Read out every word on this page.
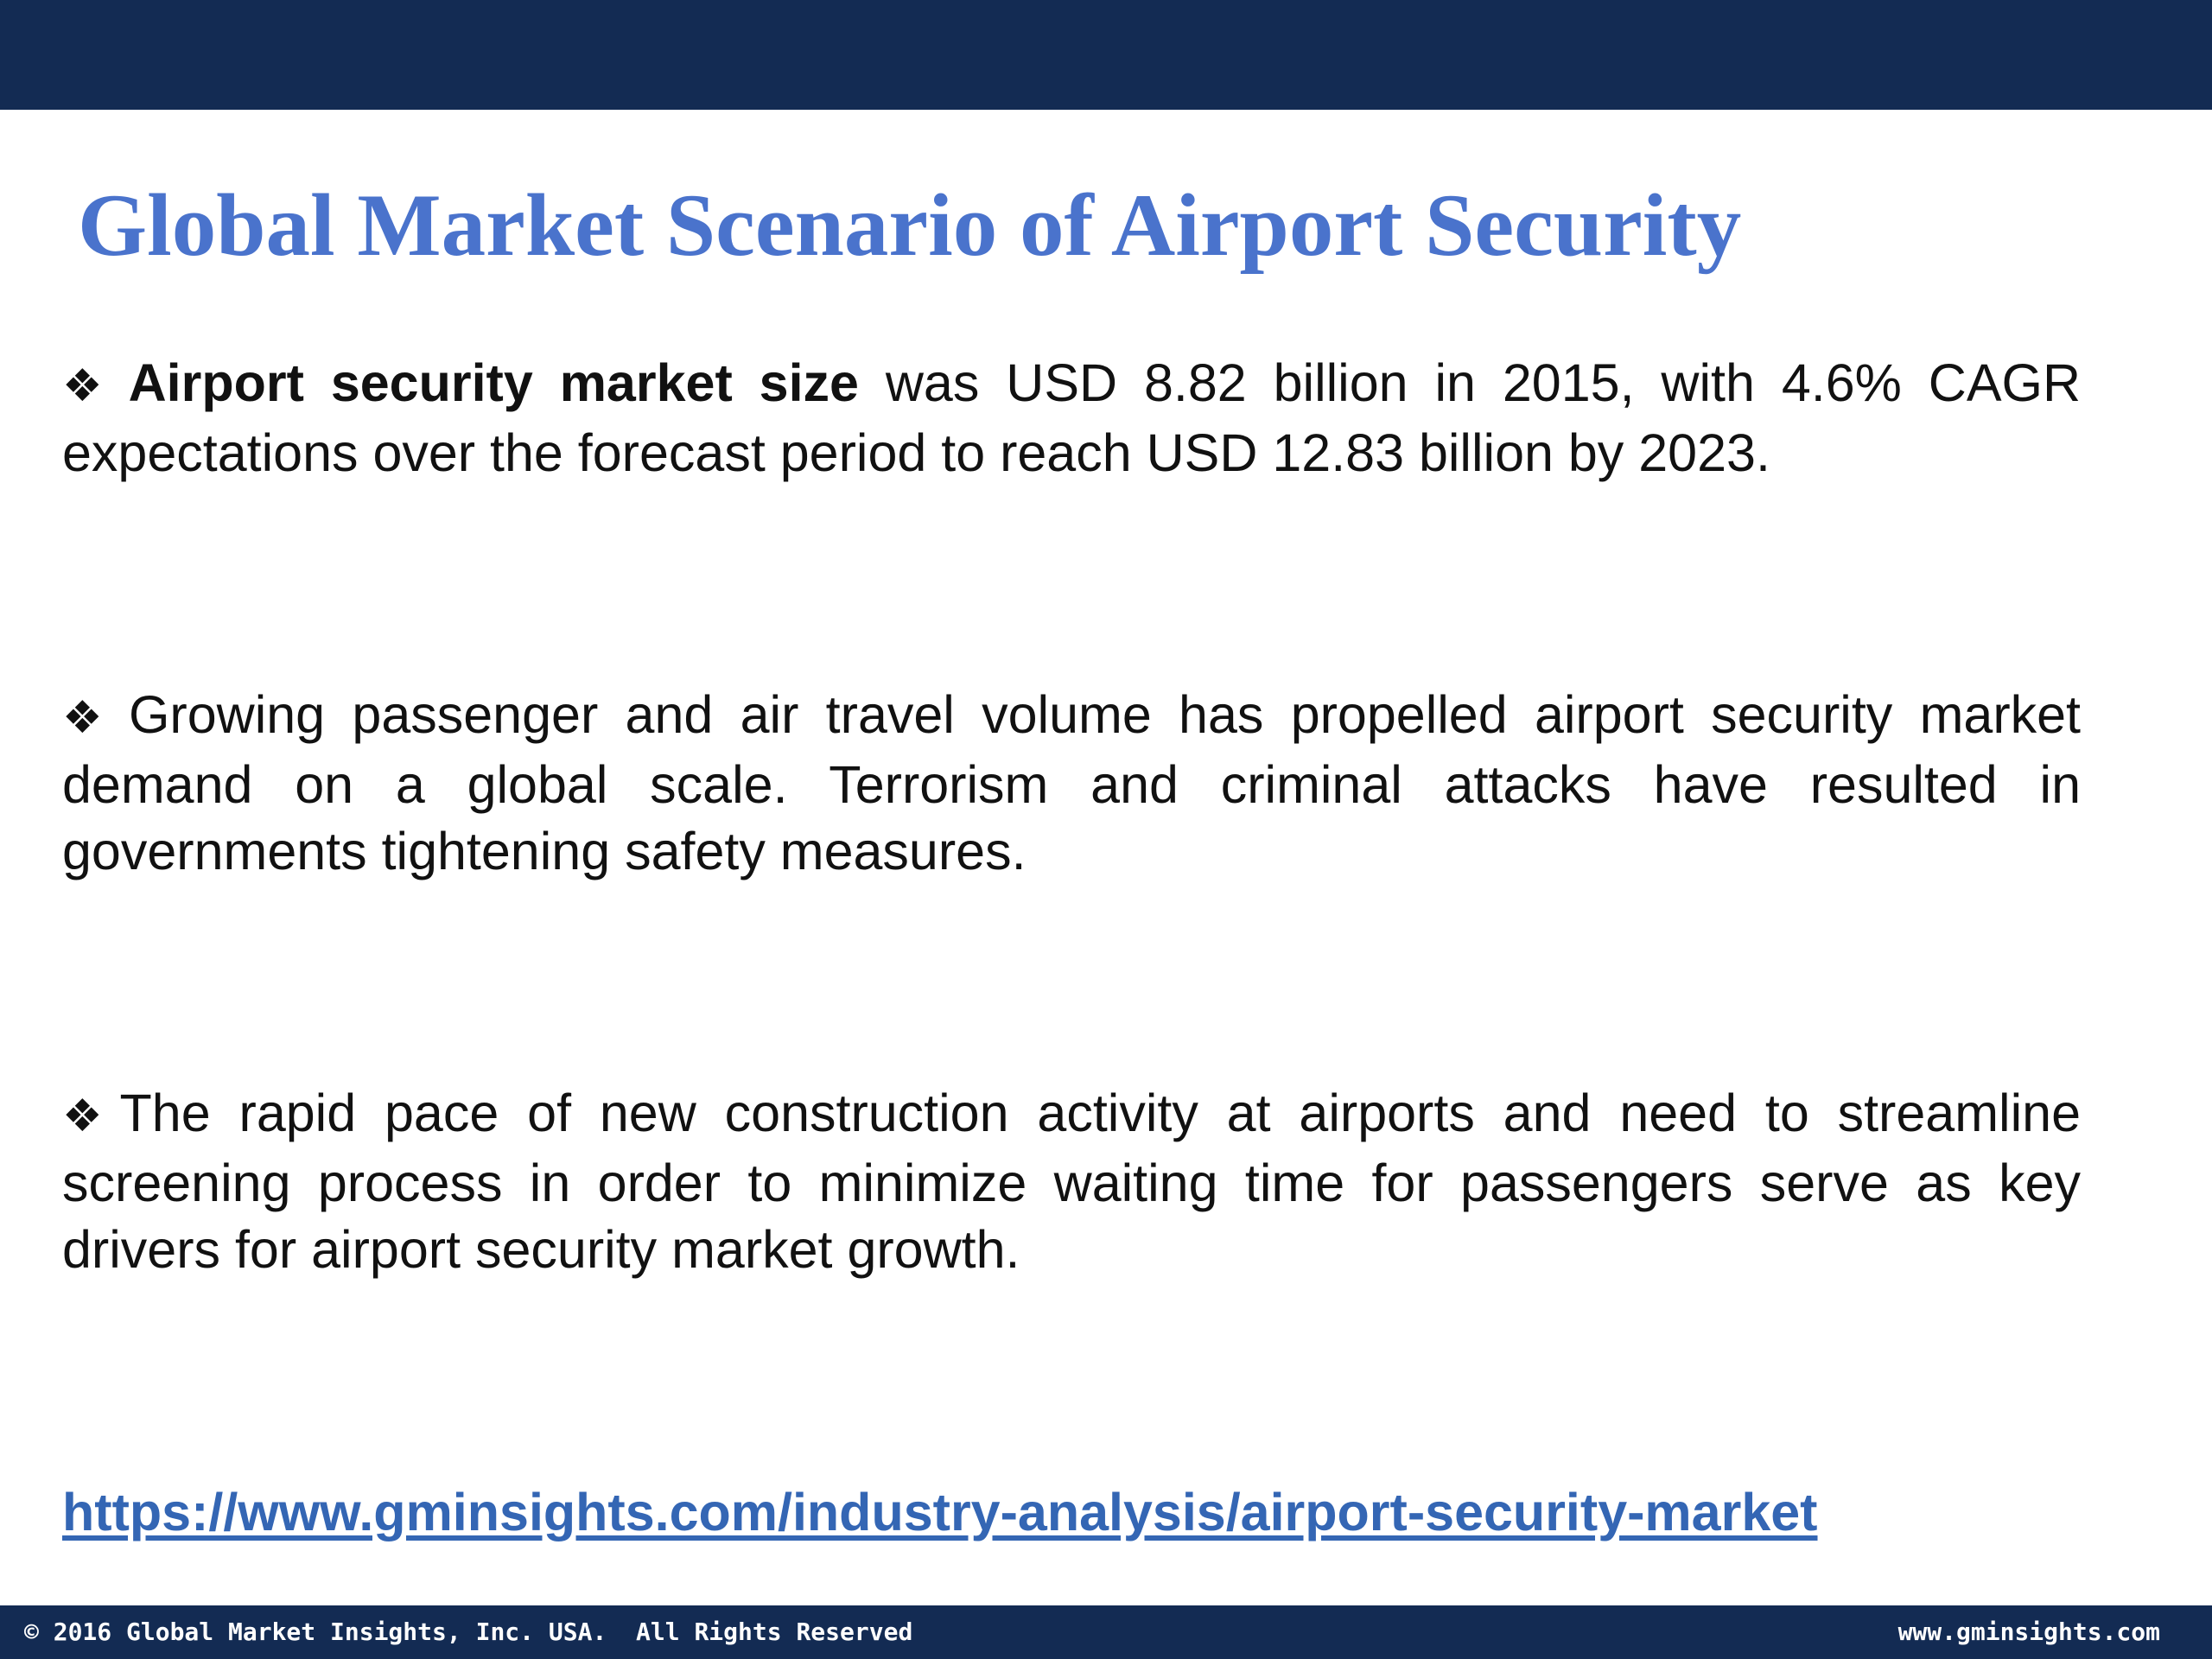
Global Market Scenario of Airport Security

❖ Airport security market size was USD 8.82 billion in 2015, with 4.6% CAGR expectations over the forecast period to reach USD 12.83 billion by 2023.

❖ Growing passenger and air travel volume has propelled airport security market demand on a global scale. Terrorism and criminal attacks have resulted in governments tightening safety measures.

❖The rapid pace of new construction activity at airports and need to streamline screening process in order to minimize waiting time for passengers serve as key drivers for airport security market growth.

https://www.gminsights.com/industry-analysis/airport-security-market
© 2016 Global Market Insights, Inc. USA.  All Rights Reserved	www.gminsights.com
